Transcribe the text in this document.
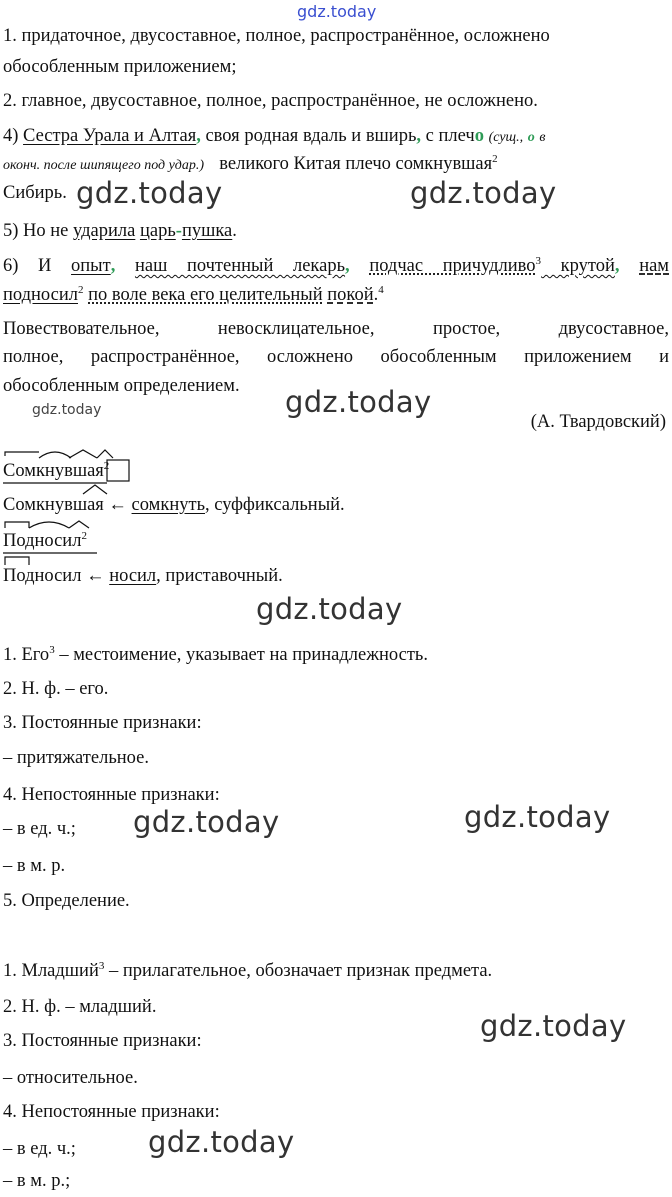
gdz.today
1. придаточное, двусоставное, полное, распространённое, осложнено
обособленным приложением;
2. главное, двусоставное, полное, распространённое, не осложнено.
4) Сестра Урала и Алтая, своя родная вдаль и вширь, с плечо (сущ., о в
оконч. после шипящего под удар.) великого Китая плечо сомкнувшая$^2$
Сибирь.
5) Но не ударила царь-пушка.
6) И опыт, наш почтенный лекарь, подчас причудливо$^3$ крутой, нам
подносил$^2$ по воле века его целительный покой.$^4$
Повествовательное, невосклицательное, простое, двусоставное,
полное, распространённое, осложнено обособленным приложением и
обособленным определением.
(А. Твардовский)
Сомкнувшая
$^2$
Сомкнувшая
← сомкнуть, суффиксальный.
Подносил
$^2$
Подносил
← носил, приставочный.
1. Его$^3$ – местоимение, указывает на принадлежность.
2. Н. ф. – его.
3. Постоянные признаки:
– притяжательное.
4. Непостоянные признаки:
– в ед. ч.;
– в м. р.
5. Определение.
1. Младший$^3$ – прилагательное, обозначает признак предмета.
2. Н. ф. – младший.
3. Постоянные признаки:
– относительное.
4. Непостоянные признаки:
– в ед. ч.;
– в м. р.;
gdz.today	gdz.today
gdz.today
gdz.today
gdz.today
gdz.today	gdz.today
gdz.today
gdz.today
